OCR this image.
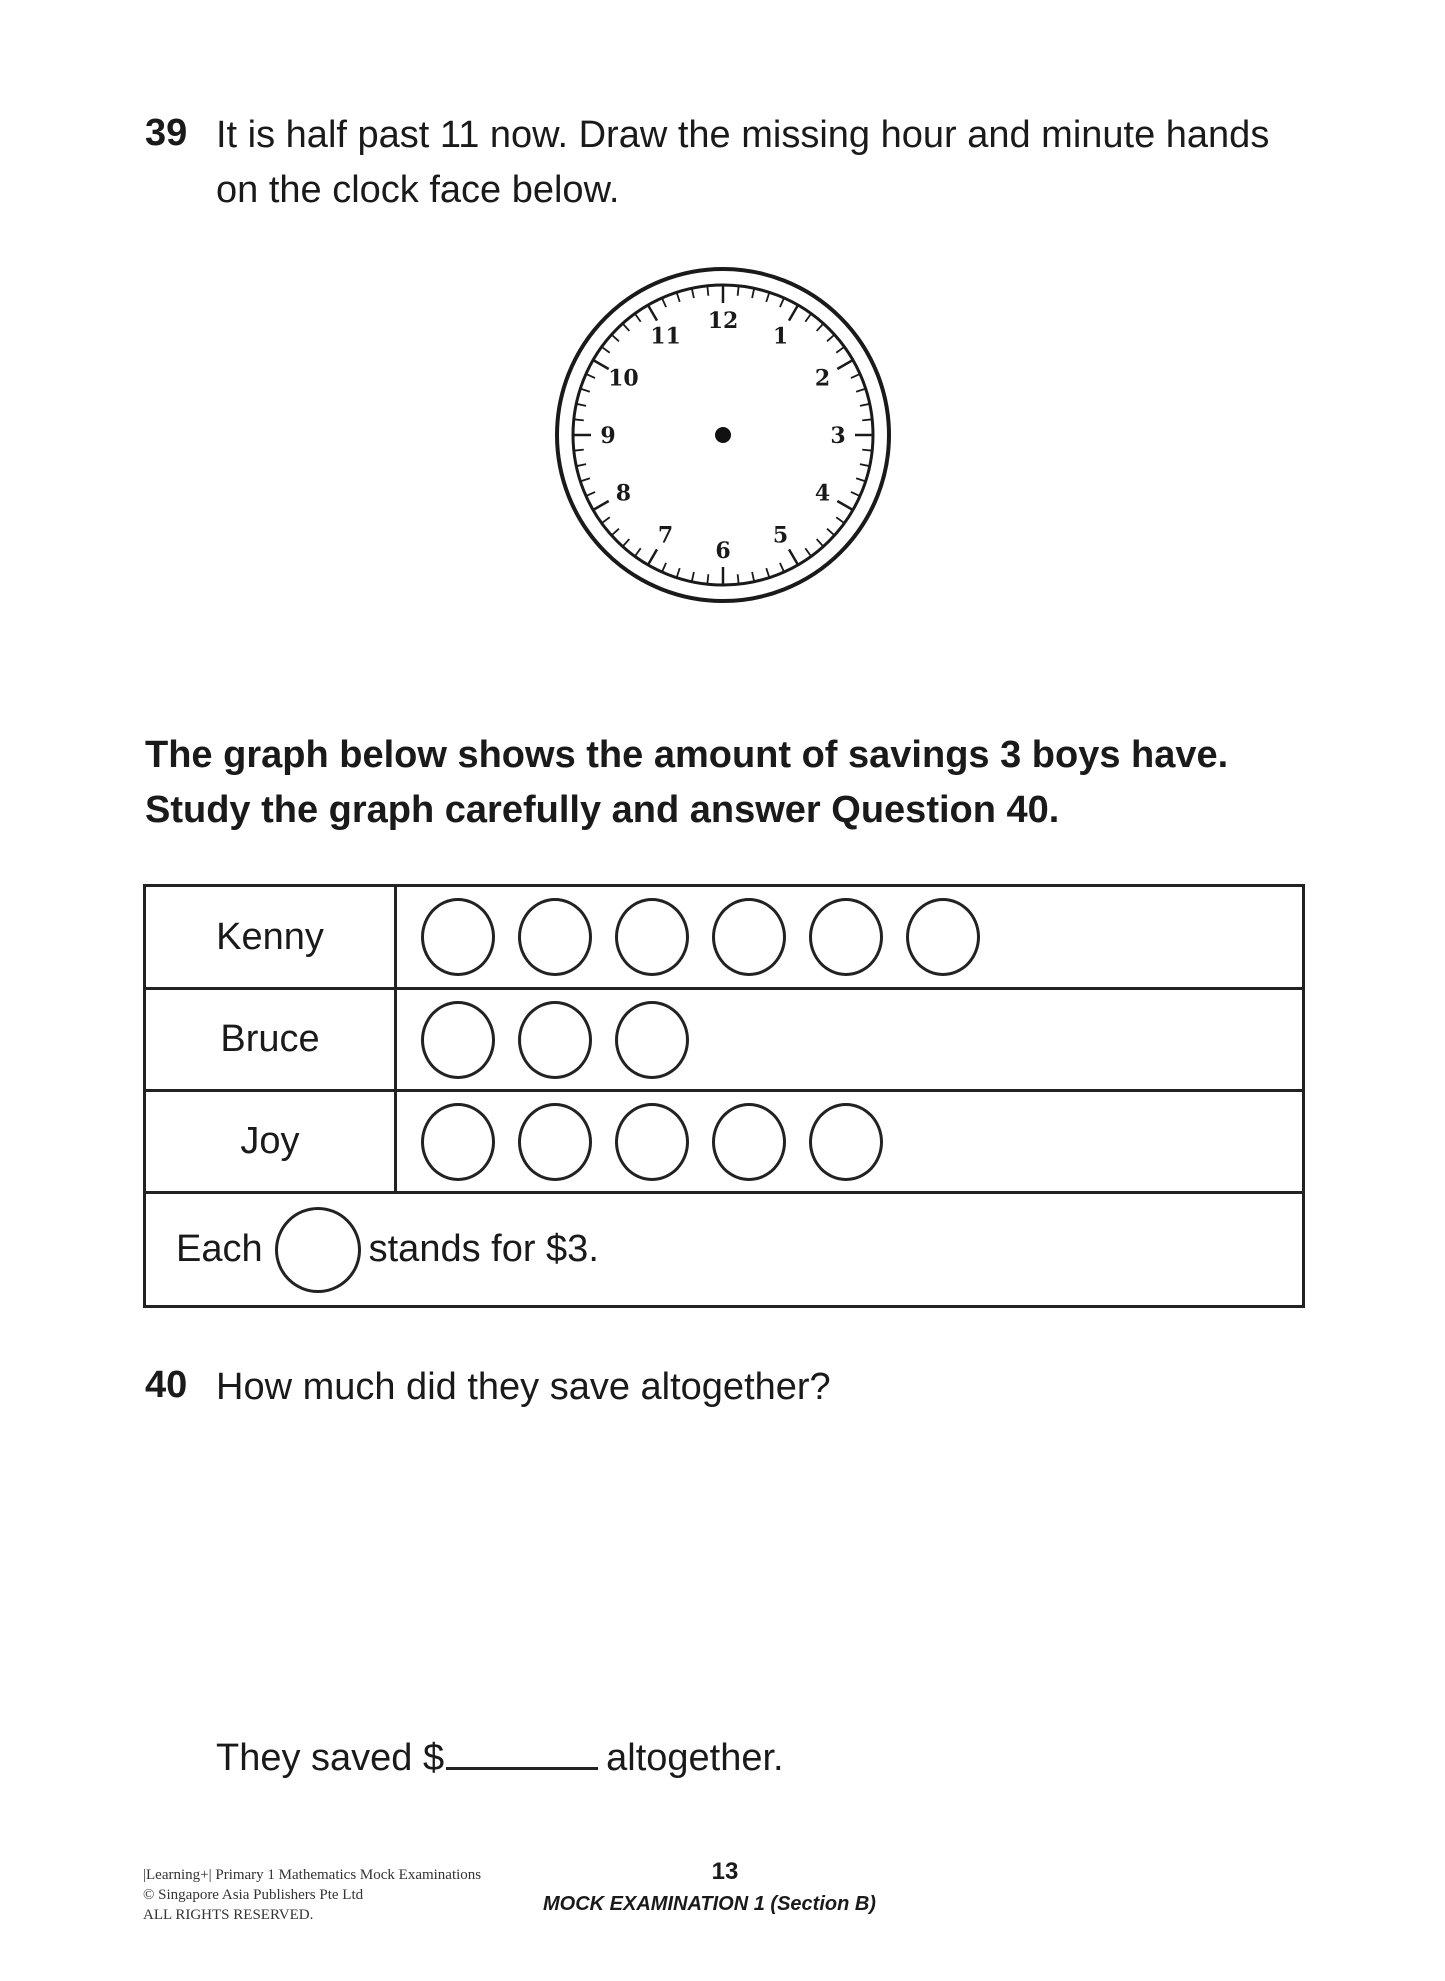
39 It is half past 11 now. Draw the missing hour and minute hands
on the clock face below.
12
1
2
3
4
5
6
7
8
9
10
11
The graph below shows the amount of savings 3 boys have.
Study the graph carefully and answer Question 40.
Kenny
Bruce
Joy
Each	stands for $3.
40 How much did they save altogether?
They saved $	altogether.
|Learning+| Primary 1 Mathematics Mock Examinations
© Singapore Asia Publishers Pte Ltd
ALL RIGHTS RESERVED.
13
MOCK EXAMINATION 1 (Section B)
